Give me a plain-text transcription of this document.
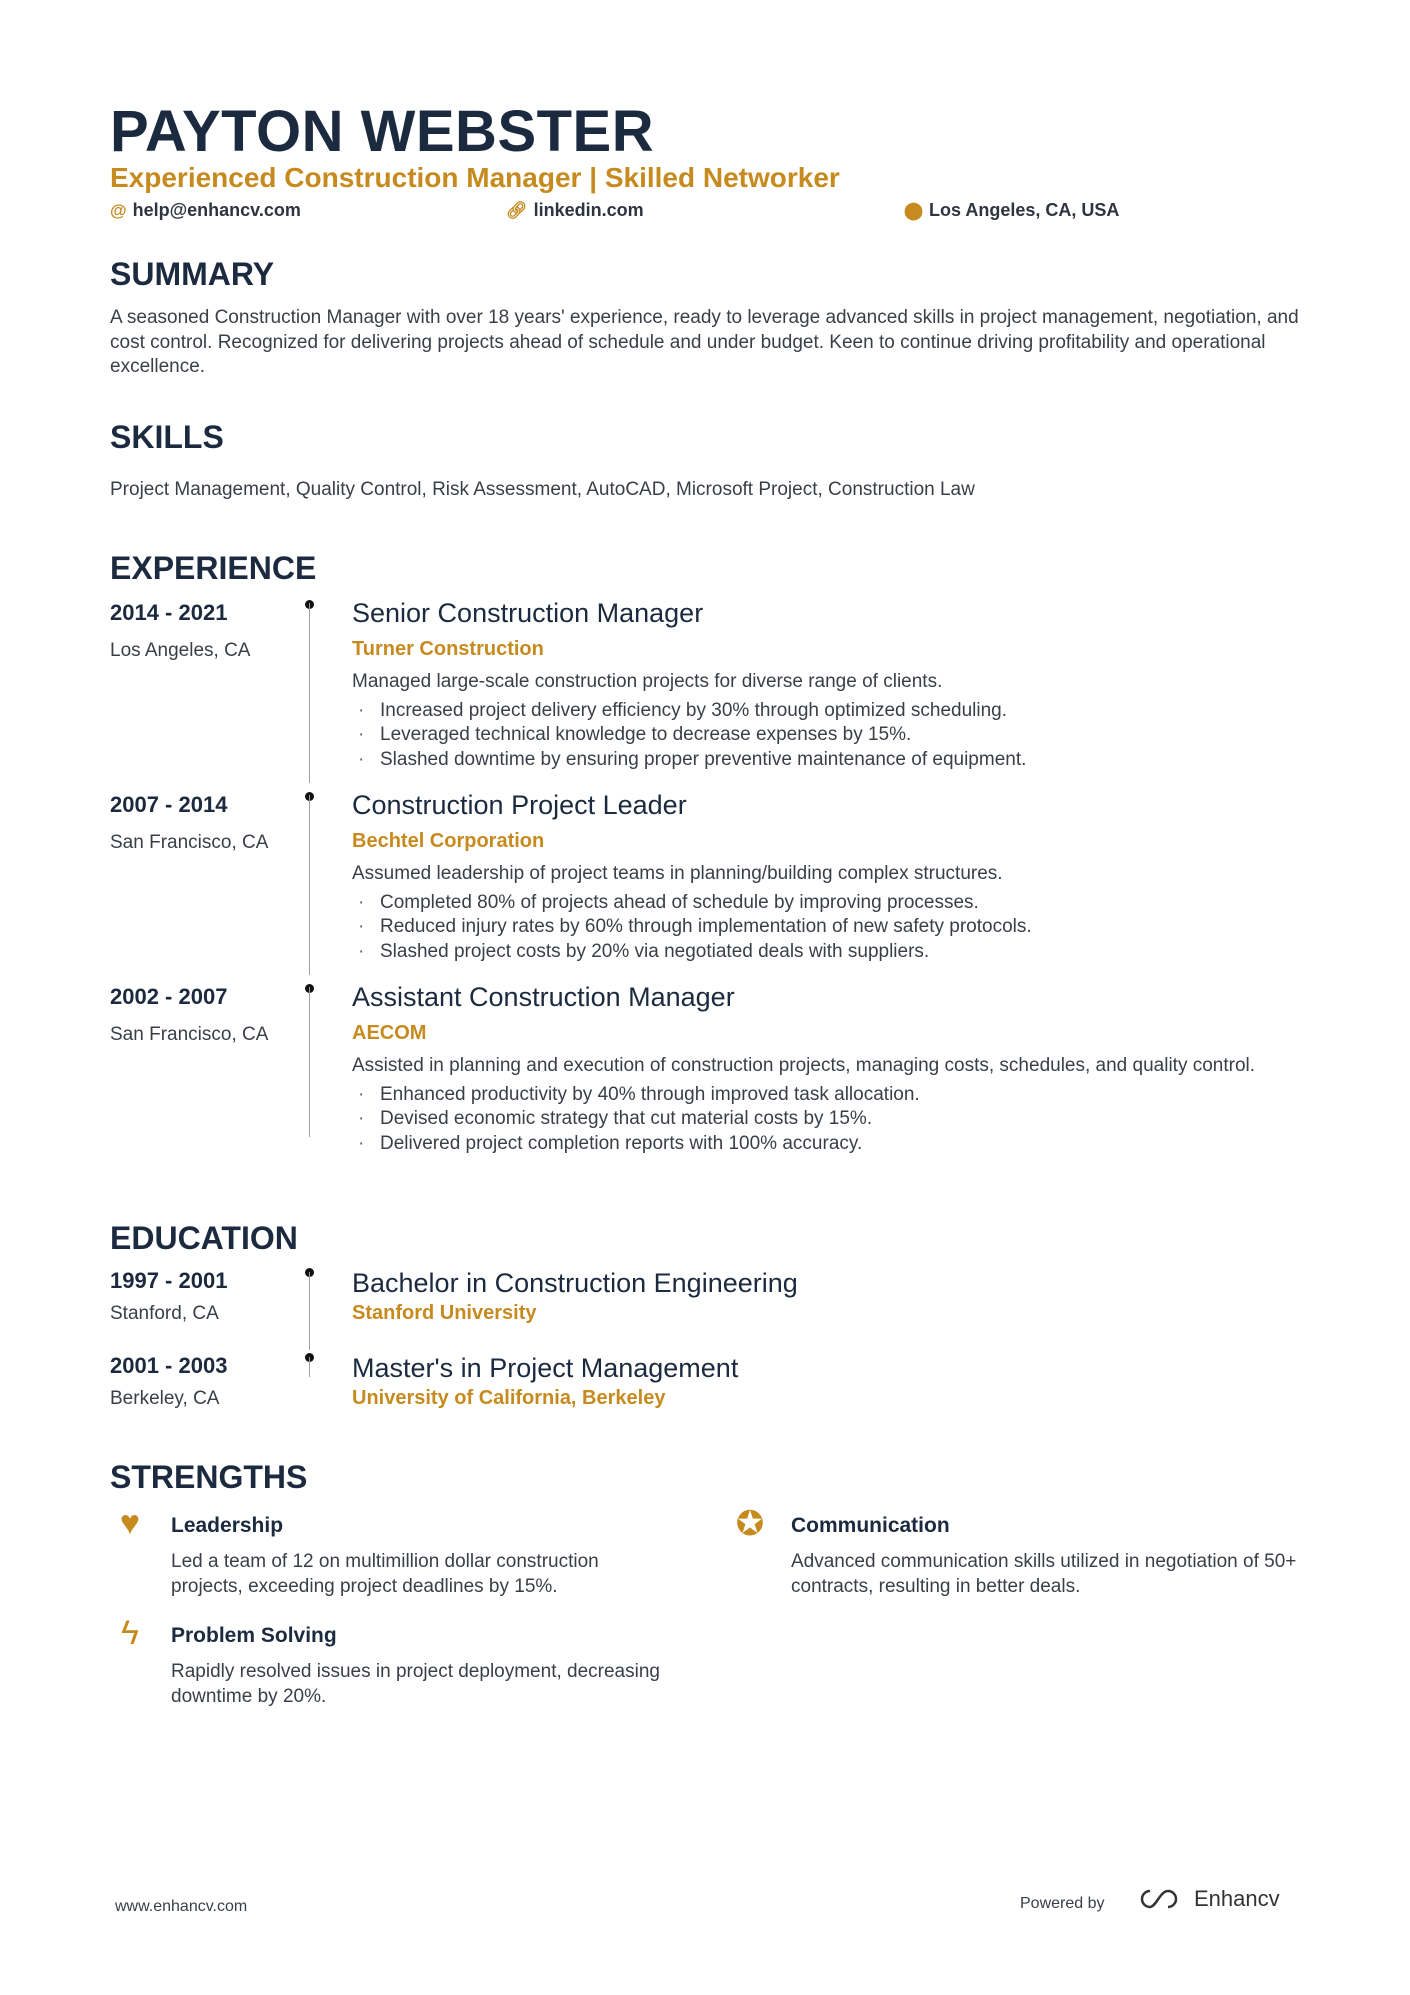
PAYTON WEBSTER
Experienced Construction Manager | Skilled Networker
@ help@enhancv.com	🔗︎ linkedin.com	⬤ Los Angeles, CA, USA
SUMMARY
A seasoned Construction Manager with over 18 years' experience, ready to leverage advanced skills in project management, negotiation, and cost control. Recognized for delivering projects ahead of schedule and under budget. Keen to continue driving profitability and operational excellence.
SKILLS
Project Management, Quality Control, Risk Assessment, AutoCAD, Microsoft Project, Construction Law
EXPERIENCE
2014 - 2021
Los Angeles, CA
Senior Construction Manager
Turner Construction
Managed large-scale construction projects for diverse range of clients.
· Increased project delivery efficiency by 30% through optimized scheduling.
· Leveraged technical knowledge to decrease expenses by 15%.
· Slashed downtime by ensuring proper preventive maintenance of equipment.
2007 - 2014
San Francisco, CA
Construction Project Leader
Bechtel Corporation
Assumed leadership of project teams in planning/building complex structures.
· Completed 80% of projects ahead of schedule by improving processes.
· Reduced injury rates by 60% through implementation of new safety protocols.
· Slashed project costs by 20% via negotiated deals with suppliers.
2002 - 2007
San Francisco, CA
Assistant Construction Manager
AECOM
Assisted in planning and execution of construction projects, managing costs, schedules, and quality control.
· Enhanced productivity by 40% through improved task allocation.
· Devised economic strategy that cut material costs by 15%.
· Delivered project completion reports with 100% accuracy.
EDUCATION
1997 - 2001
Stanford, CA
Bachelor in Construction Engineering
Stanford University
2001 - 2003
Berkeley, CA
Master's in Project Management
University of California, Berkeley
STRENGTHS
♥	Leadership
Led a team of 12 on multimillion dollar construction projects, exceeding project deadlines by 15%.
✪ Communication
Advanced communication skills utilized in negotiation of 50+ contracts, resulting in better deals.
ϟ	Problem Solving
Rapidly resolved issues in project deployment, decreasing downtime by 20%.
www.enhancv.com	Powered by	Enhancv
